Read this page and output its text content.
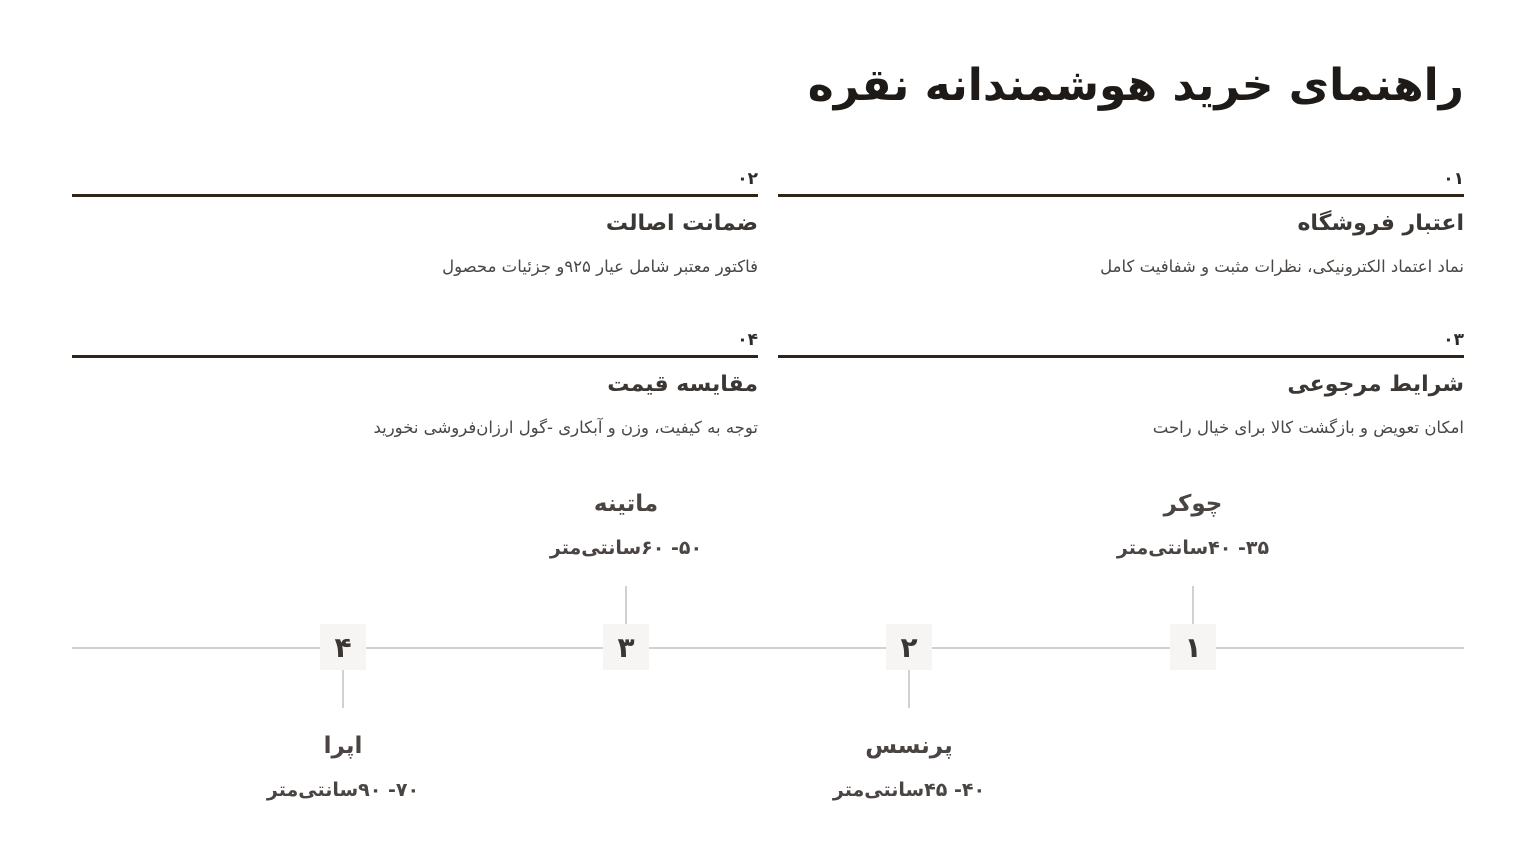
راهنمای خرید هوشمندانه نقره
۰۱
اعتبار فروشگاه
نماد اعتماد الکترونیکی، نظرات مثبت و شفافیت کامل
۰۲
ضمانت اصالت
فاکتور معتبر شامل عیار ۹۲۵و جزئیات محصول
۰۳
شرایط مرجوعی
امکان تعویض و بازگشت کالا برای خیال راحت
۰۴
مقایسه قیمت
توجه به کیفیت، وزن و آبکاری -گول ارزان‌فروشی نخورید
چوکر
۳۵- ۴۰سانتی‌متر
۱
۲
پرنسس
۴۰- ۴۵سانتی‌متر
ماتینه
۵۰- ۶۰سانتی‌متر
۳
۴
اپرا
۷۰- ۹۰سانتی‌متر
